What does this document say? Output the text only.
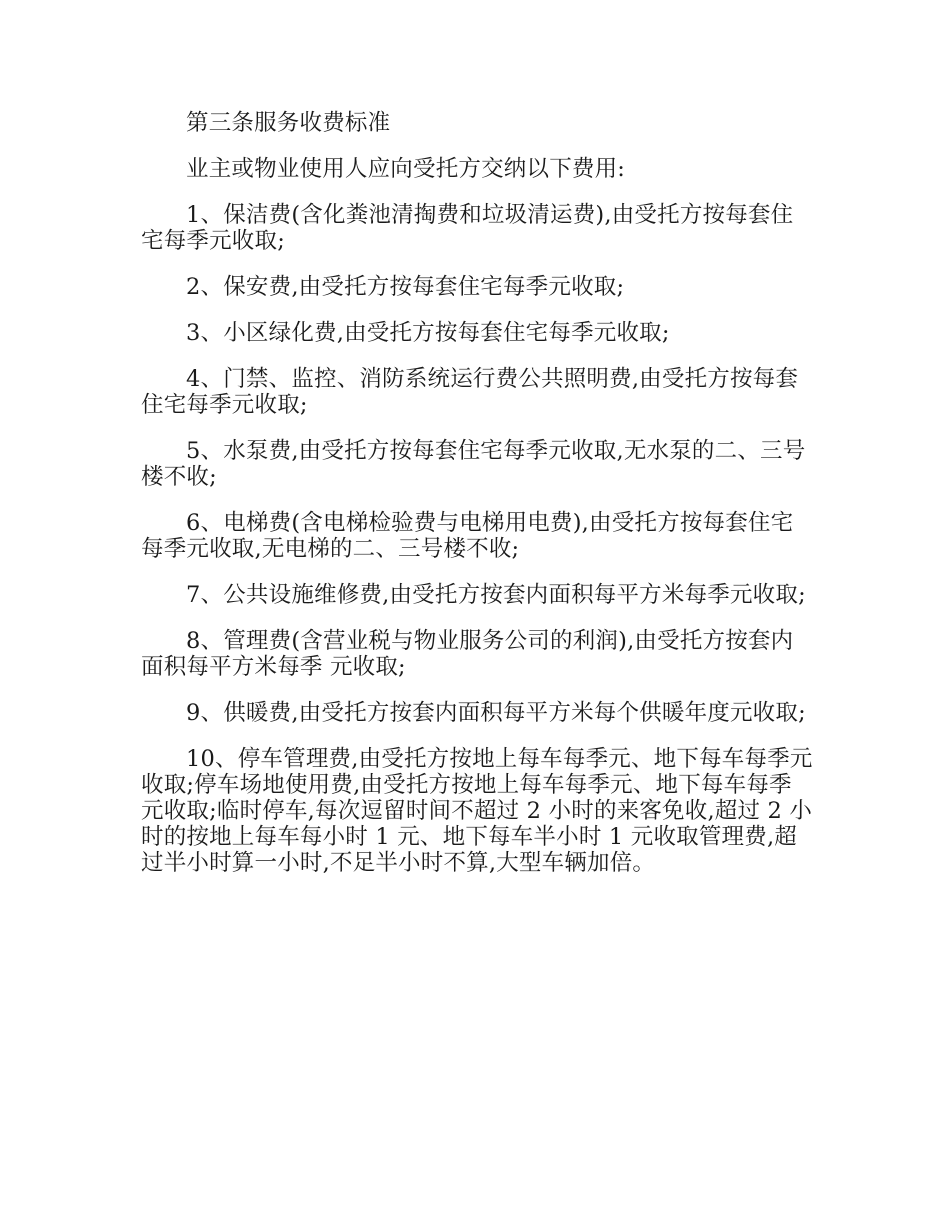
第三条服务收费标准

业主或物业使用人应向受托方交纳以下费用:

1、保洁费(含化粪池清掏费和垃圾清运费),由受托方按每套住宅每季元收取;

2、保安费,由受托方按每套住宅每季元收取;

3、小区绿化费,由受托方按每套住宅每季元收取;

4、门禁、监控、消防系统运行费公共照明费,由受托方按每套住宅每季元收取;

5、水泵费,由受托方按每套住宅每季元收取,无水泵的二、三号楼不收;

6、电梯费(含电梯检验费与电梯用电费),由受托方按每套住宅每季元收取,无电梯的二、三号楼不收;

7、公共设施维修费,由受托方按套内面积每平方米每季元收取;

8、管理费(含营业税与物业服务公司的利润),由受托方按套内面积每平方米每季 元收取;

9、供暖费,由受托方按套内面积每平方米每个供暖年度元收取;

10、停车管理费,由受托方按地上每车每季元、地下每车每季元收取;停车场地使用费,由受托方按地上每车每季元、地下每车每季元收取;临时停车,每次逗留时间不超过 2 小时的来客免收,超过 2 小时的按地上每车每小时 1 元、地下每车半小时 1 元收取管理费,超过半小时算一小时,不足半小时不算,大型车辆加倍。
